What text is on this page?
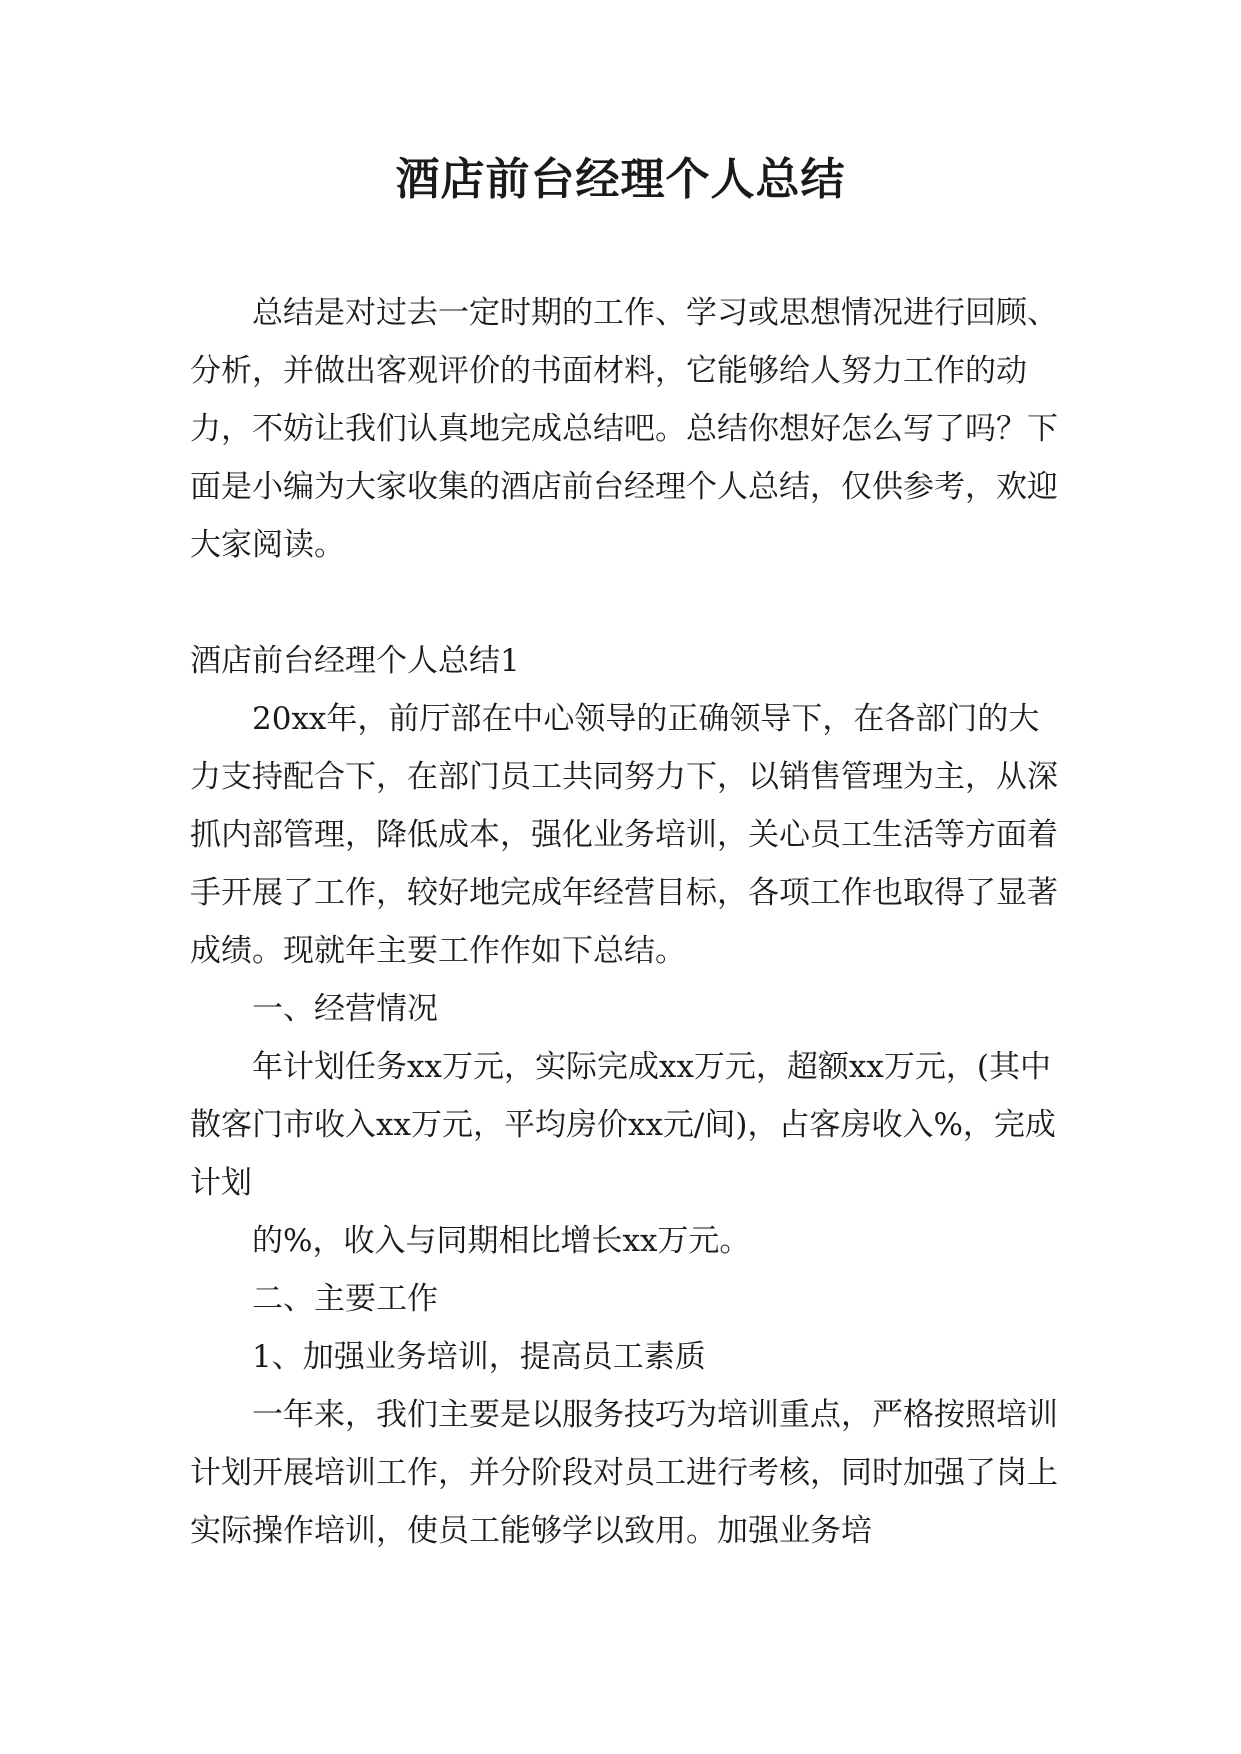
酒店前台经理个人总结

总结是对过去一定时期的工作、学习或思想情况进行回顾、分析，并做出客观评价的书面材料，它能够给人努力工作的动力，不妨让我们认真地完成总结吧。总结你想好怎么写了吗？下面是小编为大家收集的酒店前台经理个人总结，仅供参考，欢迎大家阅读。

酒店前台经理个人总结1

20xx年，前厅部在中心领导的正确领导下，在各部门的大力支持配合下，在部门员工共同努力下，以销售管理为主，从深抓内部管理，降低成本，强化业务培训，关心员工生活等方面着手开展了工作，较好地完成年经营目标，各项工作也取得了显著成绩。现就年主要工作作如下总结。

一、经营情况

年计划任务xx万元，实际完成xx万元，超额xx万元，(其中散客门市收入xx万元，平均房价xx元/间)，占客房收入%，完成计划

的%，收入与同期相比增长xx万元。

二、主要工作

1、加强业务培训，提高员工素质

一年来，我们主要是以服务技巧为培训重点，严格按照培训计划开展培训工作，并分阶段对员工进行考核，同时加强了岗上实际操作培训，使员工能够学以致用。加强业务培
